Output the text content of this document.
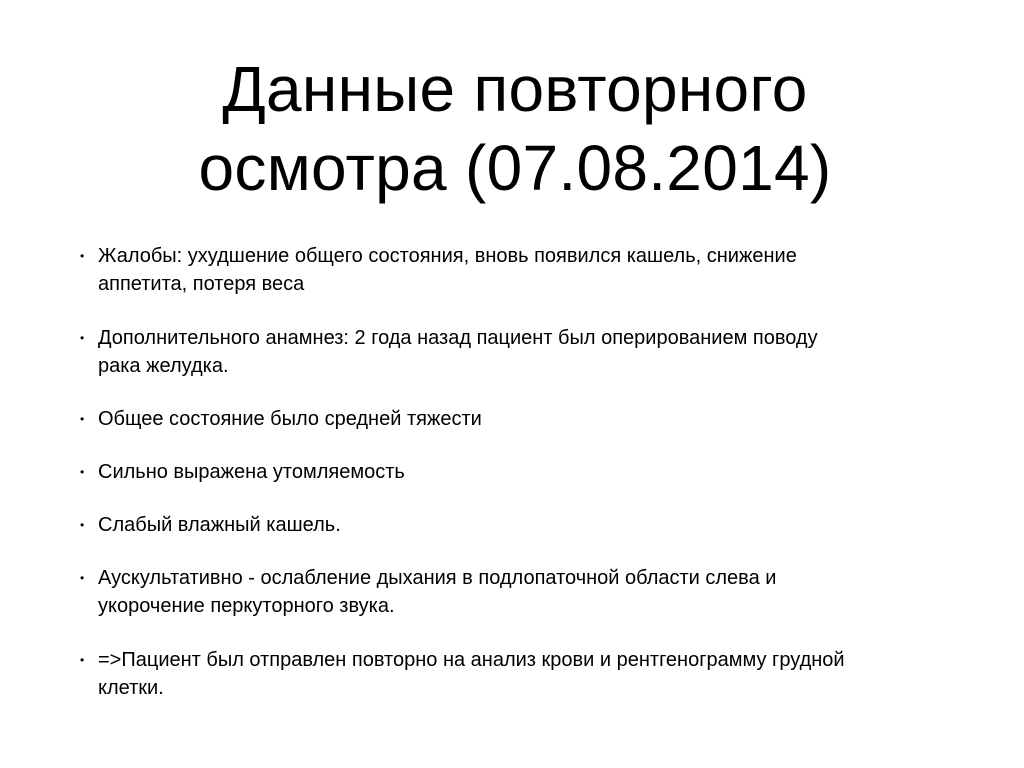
Данные повторного
осмотра (07.08.2014)
• Жалобы: ухудшение общего состояния, вновь появился кашель, снижение
аппетита, потеря веса
• Дополнительного анамнез: 2 года назад пациент был оперированием поводу
рака желудка.
• Общее состояние было средней тяжести
• Сильно выражена утомляемость
• Слабый влажный кашель.
• Аускультативно - ослабление дыхания в подлопаточной области слева и
укорочение перкуторного звука.
• =>Пациент был отправлен повторно на анализ крови и рентгенограмму грудной
клетки.
